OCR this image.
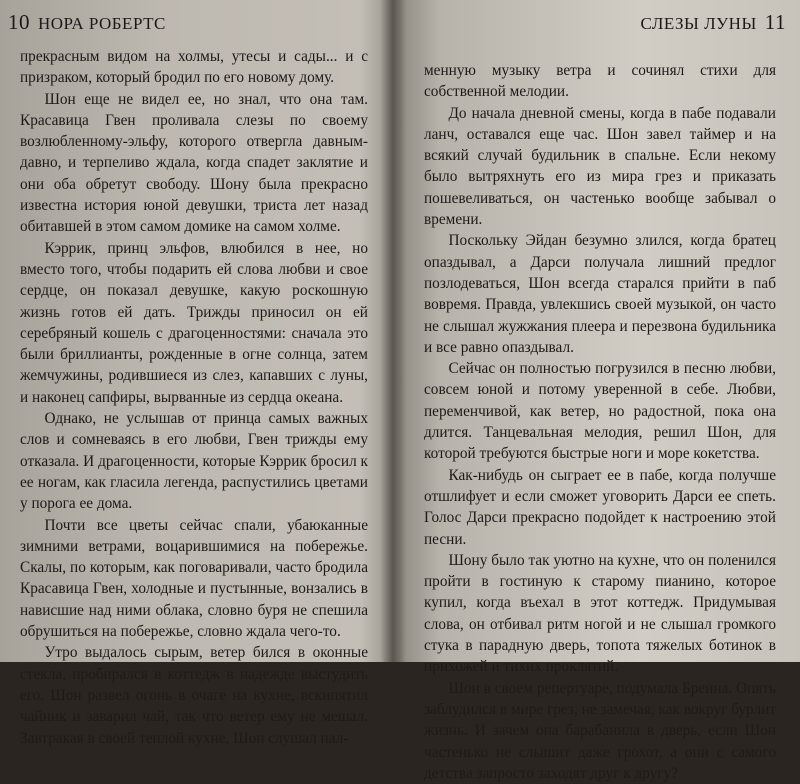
10 НОРА РОБЕРТС

прекрасным видом на холмы, утесы и сады... и с призраком, который бродил по его новому дому.

Шон еще не видел ее, но знал, что она там. Красавица Гвен проливала слезы по своему возлюбленному-эльфу, которого отвергла давным-давно, и терпеливо ждала, когда спадет заклятие и они оба обретут свободу. Шону была прекрасно известна история юной девушки, триста лет назад обитавшей в этом самом домике на самом холме.

Кэррик, принц эльфов, влюбился в нее, но вместо того, чтобы подарить ей слова любви и свое сердце, он показал девушке, какую роскошную жизнь готов ей дать. Трижды приносил он ей серебряный кошель с драгоценностями: сначала это были бриллианты, рожденные в огне солнца, затем жемчужины, родившиеся из слез, капавших с луны, и наконец сапфиры, вырванные из сердца океана.

Однако, не услышав от принца самых важных слов и сомневаясь в его любви, Гвен трижды ему отказала. И драгоценности, которые Кэррик бросил к ее ногам, как гласила легенда, распустились цветами у порога ее дома.

Почти все цветы сейчас спали, убаюканные зимними ветрами, воцарившимися на побережье. Скалы, по которым, как поговаривали, часто бродила Красавица Гвен, холодные и пустынные, вонзались в нависшие над ними облака, словно буря не спешила обрушиться на побережье, словно ждала чего-то.

Утро выдалось сырым, ветер бился в оконные стекла, пробирался в коттедж в надежде выстудить его. Шон развел огонь в очаге на кухне, вскипятил чайник и заварил чай, так что ветер ему не мешал. Завтракая в своей теплой кухне, Шон слушал нал-

СЛЕЗЫ ЛУНЫ 11

менную музыку ветра и сочинял стихи для собственной мелодии.

До начала дневной смены, когда в пабе подавали ланч, оставался еще час. Шон завел таймер и на всякий случай будильник в спальне. Если некому было вытряхнуть его из мира грез и приказать пошевеливаться, он частенько вообще забывал о времени.

Поскольку Эйдан безумно злился, когда братец опаздывал, а Дарси получала лишний предлог позлодеваться, Шон всегда старался прийти в паб вовремя. Правда, увлекшись своей музыкой, он часто не слышал жужжания плеера и перезвона будильника и все равно опаздывал.

Сейчас он полностью погрузился в песню любви, совсем юной и потому уверенной в себе. Любви, переменчивой, как ветер, но радостной, пока она длится. Танцевальная мелодия, решил Шон, для которой требуются быстрые ноги и море кокетства.

Как-нибудь он сыграет ее в пабе, когда получше отшлифует и если сможет уговорить Дарси ее спеть. Голос Дарси прекрасно подойдет к настроению этой песни.

Шону было так уютно на кухне, что он поленился пройти в гостиную к старому пианино, которое купил, когда въехал в этот коттедж. Придумывая слова, он отбивал ритм ногой и не слышал громкого стука в парадную дверь, топота тяжелых ботинок в прихожей и тихих проклятий.

Шон в своем репертуаре, подумала Бренна. Опять заблудился в мире грез, не замечая, как вокруг бурлит жизнь. И зачем она барабанила в дверь, если Шон частенько не слышит даже грохот, а они с самого детства запросто заходят друг к другу?
